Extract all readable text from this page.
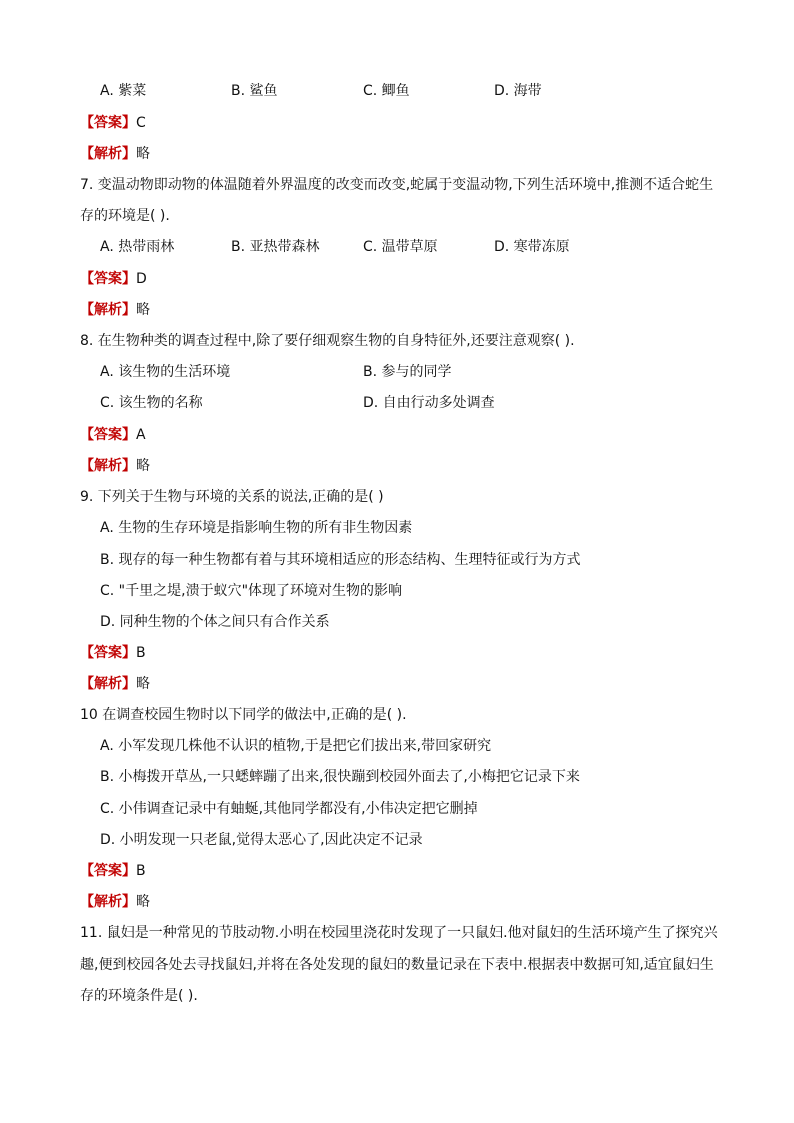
A. 紫菜	B. 鲨鱼	C. 鲫鱼	D. 海带
【答案】C
【解析】略
7. 变温动物即动物的体温随着外界温度的改变而改变,蛇属于变温动物,下列生活环境中,推测不适合蛇生
存的环境是( ).
A. 热带雨林	B. 亚热带森林	C. 温带草原	D. 寒带冻原
【答案】D
【解析】略
8. 在生物种类的调查过程中,除了要仔细观察生物的自身特征外,还要注意观察( ).
A. 该生物的生活环境	B. 参与的同学
C. 该生物的名称	D. 自由行动多处调查
【答案】A
【解析】略
9. 下列关于生物与环境的关系的说法,正确的是( )
A. 生物的生存环境是指影响生物的所有非生物因素
B. 现存的每一种生物都有着与其环境相适应的形态结构、生理特征或行为方式
C. "千里之堤,溃于蚁穴"体现了环境对生物的影响
D. 同种生物的个体之间只有合作关系
【答案】B
【解析】略
10 在调查校园生物时以下同学的做法中,正确的是( ).
A. 小军发现几株他不认识的植物,于是把它们拔出来,带回家研究
B. 小梅拨开草丛,一只蟋蟀蹦了出来,很快蹦到校园外面去了,小梅把它记录下来
C. 小伟调查记录中有蚰蜒,其他同学都没有,小伟决定把它删掉
D. 小明发现一只老鼠,觉得太恶心了,因此决定不记录
【答案】B
【解析】略
11. 鼠妇是一种常见的节肢动物.小明在校园里浇花时发现了一只鼠妇.他对鼠妇的生活环境产生了探究兴
趣,便到校园各处去寻找鼠妇,并将在各处发现的鼠妇的数量记录在下表中.根据表中数据可知,适宜鼠妇生
存的环境条件是( ).
